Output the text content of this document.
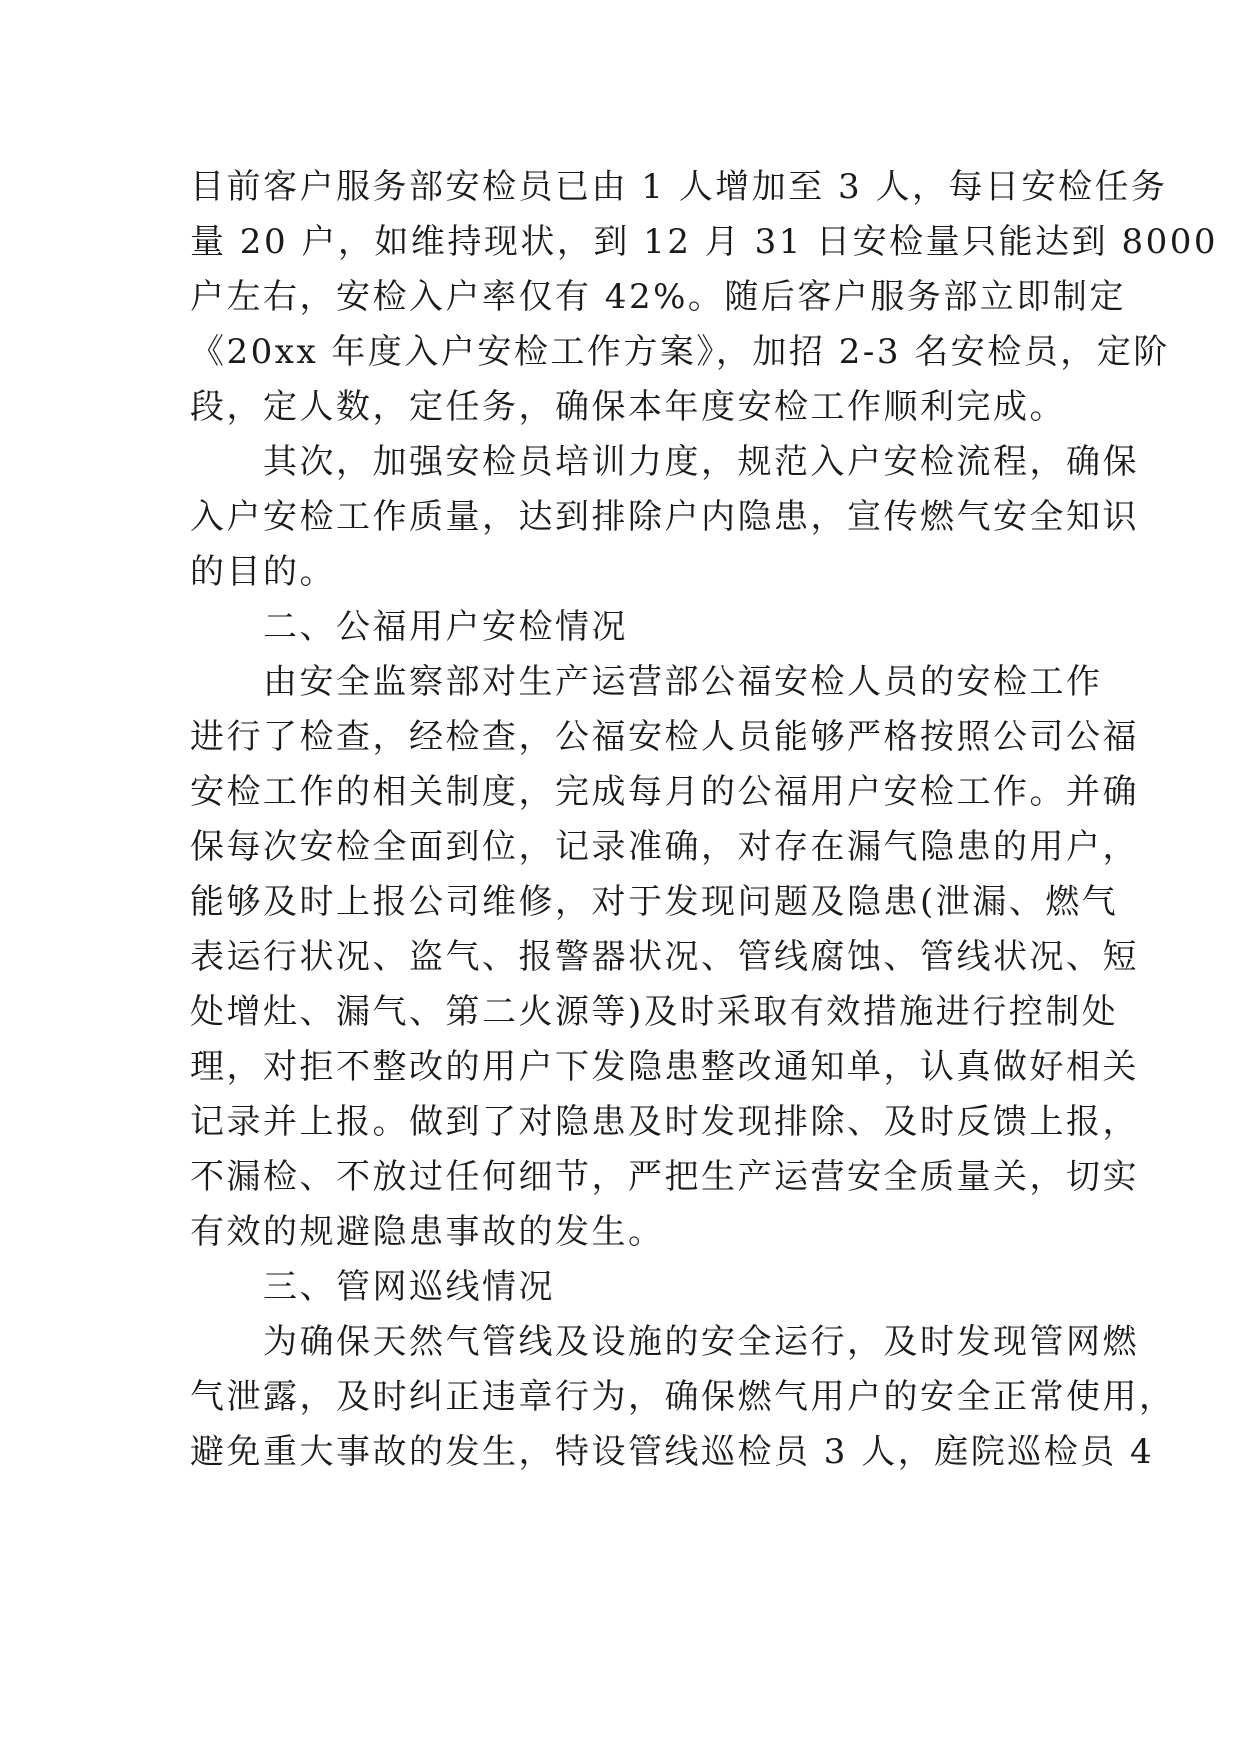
目前客户服务部安检员已由 1 人增加至 3 人，每日安检任务
量 20 户，如维持现状，到 12 月 31 日安检量只能达到 8000
户左右，安检入户率仅有 42%。随后客户服务部立即制定
《20xx 年度入户安检工作方案》，加招 2-3 名安检员，定阶
段，定人数，定任务，确保本年度安检工作顺利完成。
　　其次，加强安检员培训力度，规范入户安检流程，确保
入户安检工作质量，达到排除户内隐患，宣传燃气安全知识
的目的。
　　二、公福用户安检情况
　　由安全监察部对生产运营部公福安检人员的安检工作
进行了检查，经检查，公福安检人员能够严格按照公司公福
安检工作的相关制度，完成每月的公福用户安检工作。并确
保每次安检全面到位，记录准确，对存在漏气隐患的用户，
能够及时上报公司维修，对于发现问题及隐患(泄漏、燃气
表运行状况、盗气、报警器状况、管线腐蚀、管线状况、短
处增灶、漏气、第二火源等)及时采取有效措施进行控制处
理，对拒不整改的用户下发隐患整改通知单，认真做好相关
记录并上报。做到了对隐患及时发现排除、及时反馈上报，
不漏检、不放过任何细节，严把生产运营安全质量关，切实
有效的规避隐患事故的发生。
　　三、管网巡线情况
　　为确保天然气管线及设施的安全运行，及时发现管网燃
气泄露，及时纠正违章行为，确保燃气用户的安全正常使用，
避免重大事故的发生，特设管线巡检员 3 人，庭院巡检员 4
